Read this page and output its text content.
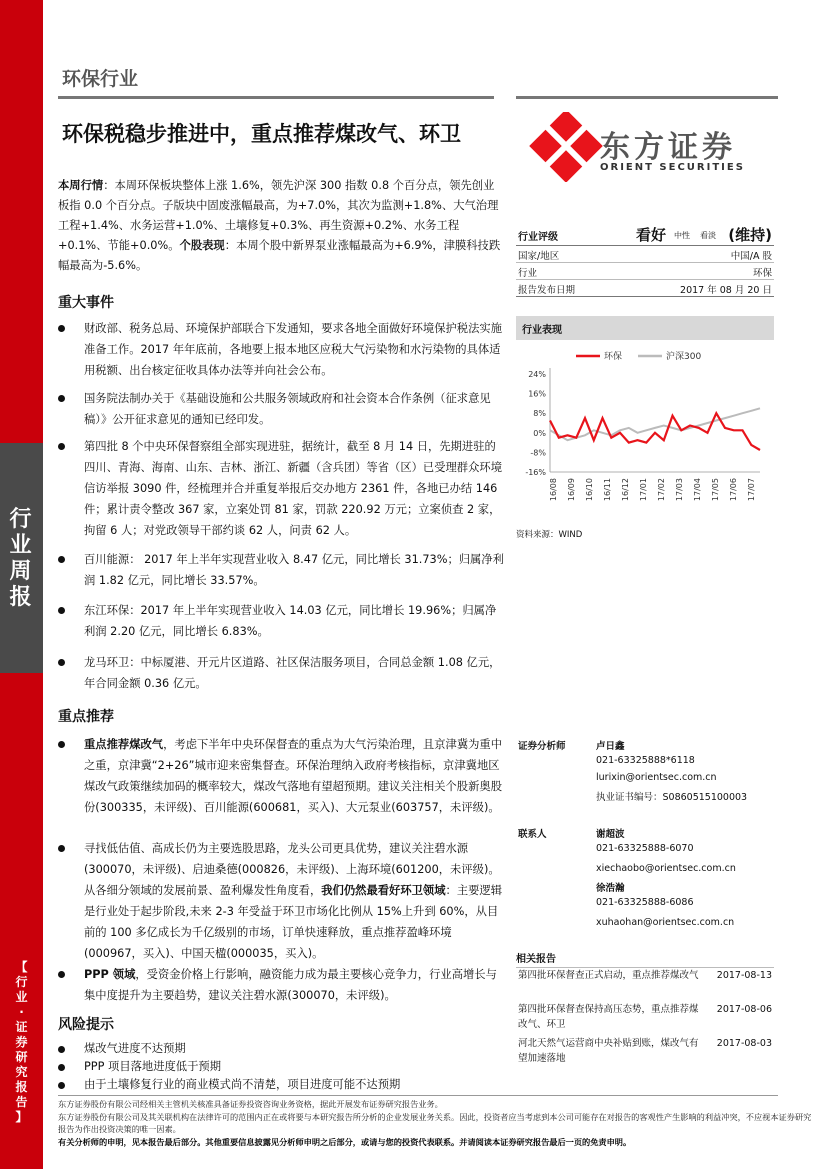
行
业
周
报
【
行
业
·
证
券
研
究
报
告
】
环保行业
环保税稳步推进中，重点推荐煤改气、环卫	东方证券
ORIENT SECURITIES
本周行情：本周环保板块整体上涨 1.6%，领先沪深 300 指数 0.8 个百分点，领先创业板指 0.0 个百分点。子版块中固废涨幅最高，为+7.0%，其次为监测+1.8%、大气治理工程+1.4%、水务运营+1.0%、土壤修复+0.3%、再生资源+0.2%、水务工程+0.1%、节能+0.0%。个股表现：本周个股中新界泵业涨幅最高为+6.9%，津膜科技跌幅最高为-5.6%。
重大事件
财政部、税务总局、环境保护部联合下发通知，要求各地全面做好环境保护税法实施准备工作。2017 年年底前，各地要上报本地区应税大气污染物和水污染物的具体适用税额、出台核定征收具体办法等并向社会公布。
国务院法制办关于《基础设施和公共服务领域政府和社会资本合作条例（征求意见稿）》公开征求意见的通知已经印发。
第四批 8 个中央环保督察组全部实现进驻，据统计，截至 8 月 14 日，先期进驻的四川、青海、海南、山东、吉林、浙江、新疆（含兵团）等省（区）已受理群众环境信访举报 3090 件，经梳理并合并重复举报后交办地方 2361 件，各地已办结 146 件；累计责令整改 367 家，立案处罚 81 家，罚款 220.92 万元；立案侦查 2 家，拘留 6 人；对党政领导干部约谈 62 人，问责 62 人。
百川能源： 2017 年上半年实现营业收入 8.47 亿元，同比增长 31.73%；归属净利润 1.82 亿元，同比增长 33.57%。
东江环保：2017 年上半年实现营业收入 14.03 亿元，同比增长 19.96%；归属净利润 2.20 亿元，同比增长 6.83%。
龙马环卫：中标厦港、开元片区道路、社区保洁服务项目，合同总金额 1.08 亿元，年合同金额 0.36 亿元。
重点推荐
重点推荐煤改气，考虑下半年中央环保督查的重点为大气污染治理，且京津冀为重中之重，京津冀“2+26”城市迎来密集督查。环保治理纳入政府考核指标，京津冀地区煤改气政策继续加码的概率较大，煤改气落地有望超预期。建议关注相关个股新奥股份(300335，未评级)、百川能源(600681，买入)、大元泵业(603757，未评级)。
寻找低估值、高成长仍为主要选股思路，龙头公司更具优势，建议关注碧水源(300070，未评级)、启迪桑德(000826，未评级)、上海环境(601200，未评级)。从各细分领域的发展前景、盈利爆发性角度看，我们仍然最看好环卫领域：主要逻辑是行业处于起步阶段,未来 2-3 年受益于环卫市场化比例从 15%上升到 60%，从目前的 100 多亿成长为千亿级别的市场，订单快速释放，重点推荐盈峰环境(000967，买入)、中国天楹(000035，买入)。
PPP 领域，受资金价格上行影响，融资能力成为最主要核心竞争力，行业高增长与集中度提升为主要趋势，建议关注碧水源(300070，未评级)。
风险提示
煤改气进度不达预期
PPP 项目落地进度低于预期
由于土壤修复行业的商业模式尚不清楚，项目进度可能不达预期
行业评级	看好 中性 看淡 (维持)
国家/地区	中国/A 股
行业	环保
报告发布日期	2017 年 08 月 20 日
行业表现
环保	沪深300
24%
16%
8%
0%
-8%
-16%
16/08 16/09 16/10 16/11 16/12 17/01 17/02 17/03 17/04 17/05 17/06 17/07
资料来源：WIND
证券分析师	卢日鑫
021-63325888*6118
lurixin@orientsec.com.cn
执业证书编号：S0860515100003
联系人	谢超波
021-63325888-6070
xiechaobo@orientsec.com.cn
徐浩瀚
021-63325888-6086
xuhaohan@orientsec.com.cn
相关报告
第四批环保督查正式启动，重点推荐煤改气 2017-08-13
第四批环保督查保持高压态势，重点推荐煤改气、环卫
2017-08-06
河北天然气运营商中央补贴到账，煤改气有望加速落地
2017-08-03
东方证券股份有限公司经相关主管机关核准具备证券投资咨询业务资格，据此开展发布证券研究报告业务。
东方证券股份有限公司及其关联机构在法律许可的范围内正在或将要与本研究报告所分析的企业发展业务关系。因此，投资者应当考虑到本公司可能存在对报告的客观性产生影响的利益冲突，不应视本证券研究报告为作出投资决策的唯一因素。
有关分析师的申明，见本报告最后部分。其他重要信息披露见分析师申明之后部分，或请与您的投资代表联系。并请阅读本证券研究报告最后一页的免责申明。
